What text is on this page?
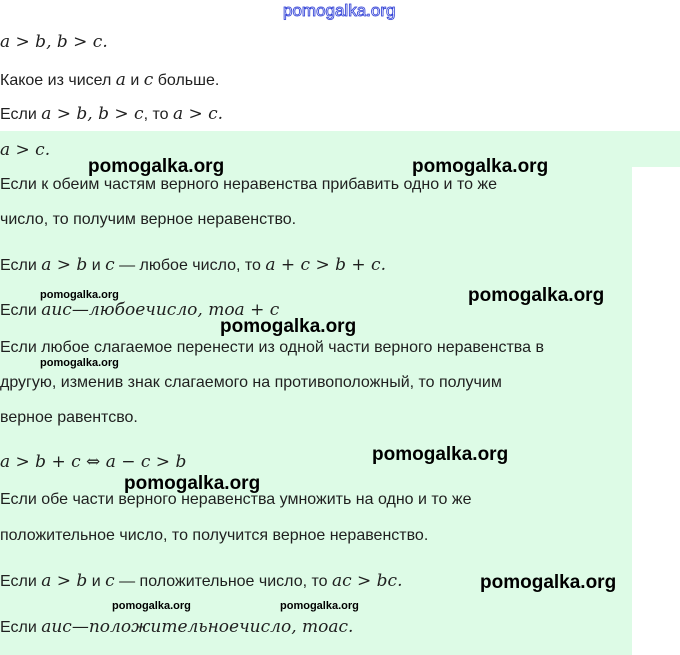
pomogalka.org
a > b, b > c.
Какое из чисел a и c больше.
Если a > b, b > c, то a > c.
a > c.
Если к обеим частям верного неравенства прибавить одно и то же
число, то получим верное неравенство.
Если a > b и c — любое число, то a + c > b + c.
Если аис—любоечисло, тоa + c
Если любое слагаемое перенести из одной части верного неравенства в
другую, изменив знак слагаемого на противоположный, то получим
верное равентсво.
a > b + c ⇔ a − c > b
Если обе части верного неравенства умножить на одно и то же
положительное число, то получится верное неравенство.
Если a > b и c — положительное число, то ac > bc.
Если аис—положительноечисло, тоас.
pomogalka.org	pomogalka.org
pomogalka.org	pomogalka.org
pomogalka.org
pomogalka.org
pomogalka.org
pomogalka.org
pomogalka.org
pomogalka.org	pomogalka.org
